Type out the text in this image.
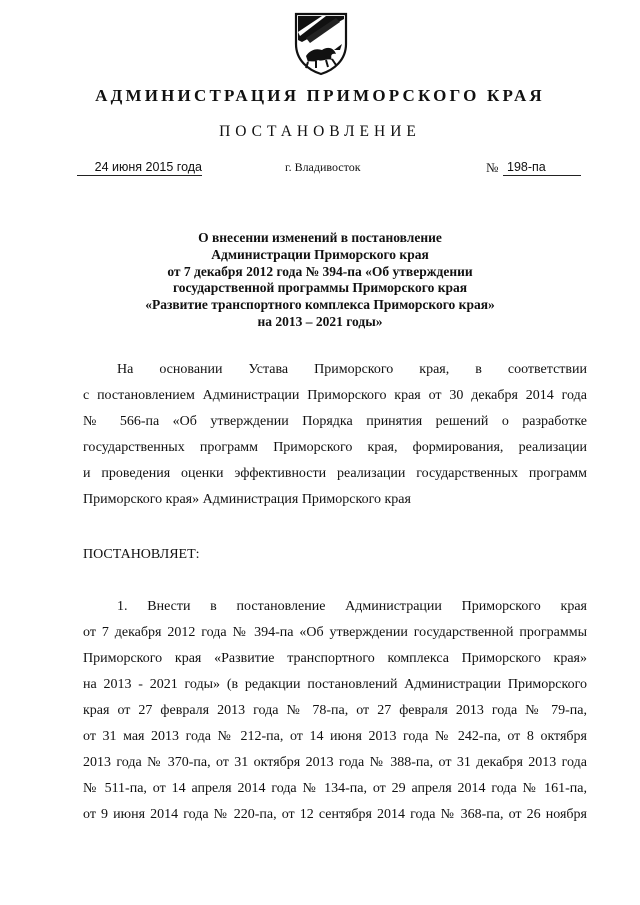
АДМИНИСТРАЦИЯ ПРИМОРСКОГО КРАЯ
ПОСТАНОВЛЕНИЕ
24 июня 2015 года	г. Владивосток	№ 198-па
О внесении изменений в постановление
Администрации Приморского края
от 7 декабря 2012 года № 394-па «Об утверждении
государственной программы Приморского края
«Развитие транспортного комплекса Приморского края»
на 2013 – 2021 годы»
На основании Устава Приморского края, в соответствии
с постановлением Администрации Приморского края от 30 декабря 2014 года
№ 566-па «Об утверждении Порядка принятия решений о разработке
государственных программ Приморского края, формирования, реализации
и проведения оценки эффективности реализации государственных программ
Приморского края» Администрация Приморского края
ПОСТАНОВЛЯЕТ:
1. Внести в постановление Администрации Приморского края
от 7 декабря 2012 года № 394-па «Об утверждении государственной программы
Приморского края «Развитие транспортного комплекса Приморского края»
на 2013 - 2021 годы» (в редакции постановлений Администрации Приморского
края от 27 февраля 2013 года № 78-па, от 27 февраля 2013 года № 79-па,
от 31 мая 2013 года № 212-па, от 14 июня 2013 года № 242-па, от 8 октября
2013 года № 370-па, от 31 октября 2013 года № 388-па, от 31 декабря 2013 года
№ 511-па, от 14 апреля 2014 года № 134-па, от 29 апреля 2014 года № 161-па,
от 9 июня 2014 года № 220-па, от 12 сентября 2014 года № 368-па, от 26 ноября
